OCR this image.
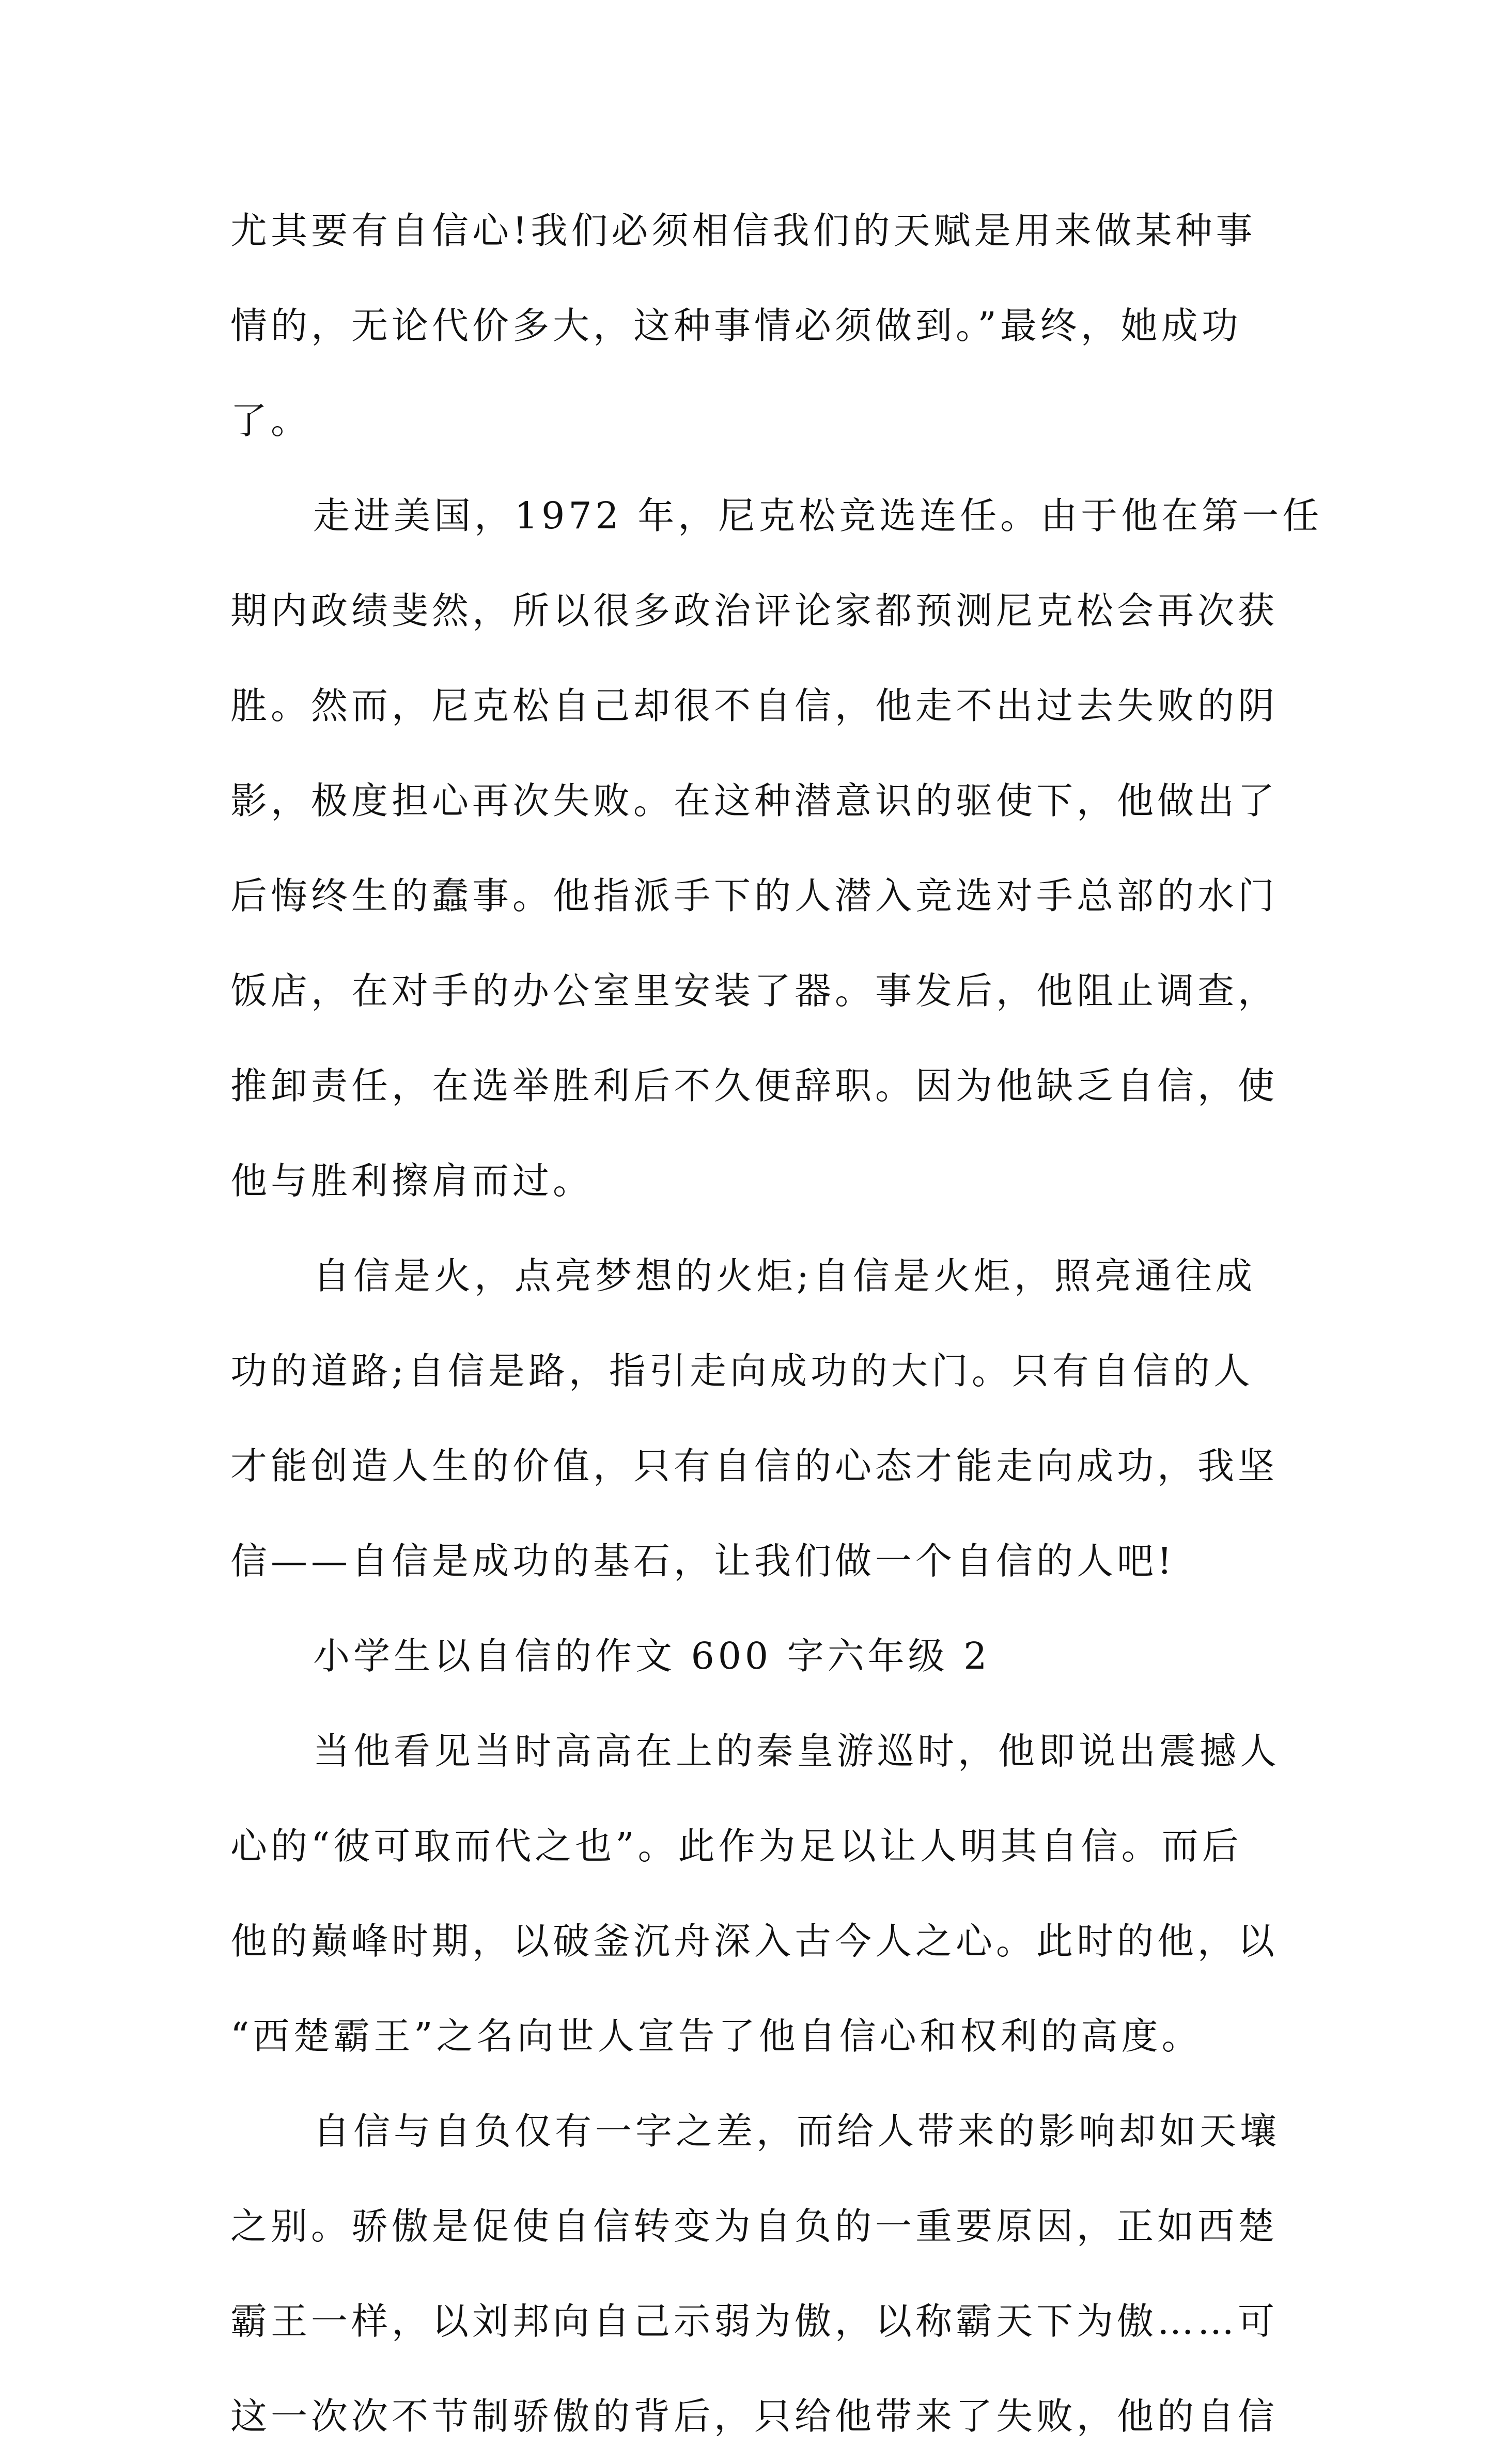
尤其要有自信心!我们必须相信我们的天赋是用来做某种事
情的，无论代价多大，这种事情必须做到。”最终，她成功
了。
走进美国，1972 年，尼克松竞选连任。由于他在第一任
期内政绩斐然，所以很多政治评论家都预测尼克松会再次获
胜。然而，尼克松自己却很不自信，他走不出过去失败的阴
影，极度担心再次失败。在这种潜意识的驱使下，他做出了
后悔终生的蠢事。他指派手下的人潜入竞选对手总部的水门
饭店，在对手的办公室里安装了器。事发后，他阻止调查，
推卸责任，在选举胜利后不久便辞职。因为他缺乏自信，使
他与胜利擦肩而过。
自信是火，点亮梦想的火炬;自信是火炬，照亮通往成
功的道路;自信是路，指引走向成功的大门。只有自信的人
才能创造人生的价值，只有自信的心态才能走向成功，我坚
信——自信是成功的基石，让我们做一个自信的人吧!
小学生以自信的作文 600 字六年级 2
当他看见当时高高在上的秦皇游巡时，他即说出震撼人
心的“彼可取而代之也”。此作为足以让人明其自信。而后
他的巅峰时期，以破釜沉舟深入古今人之心。此时的他，以
“西楚霸王”之名向世人宣告了他自信心和权利的高度。
自信与自负仅有一字之差，而给人带来的影响却如天壤
之别。骄傲是促使自信转变为自负的一重要原因，正如西楚
霸王一样，以刘邦向自己示弱为傲，以称霸天下为傲……可
这一次次不节制骄傲的背后，只给他带来了失败，他的自信
